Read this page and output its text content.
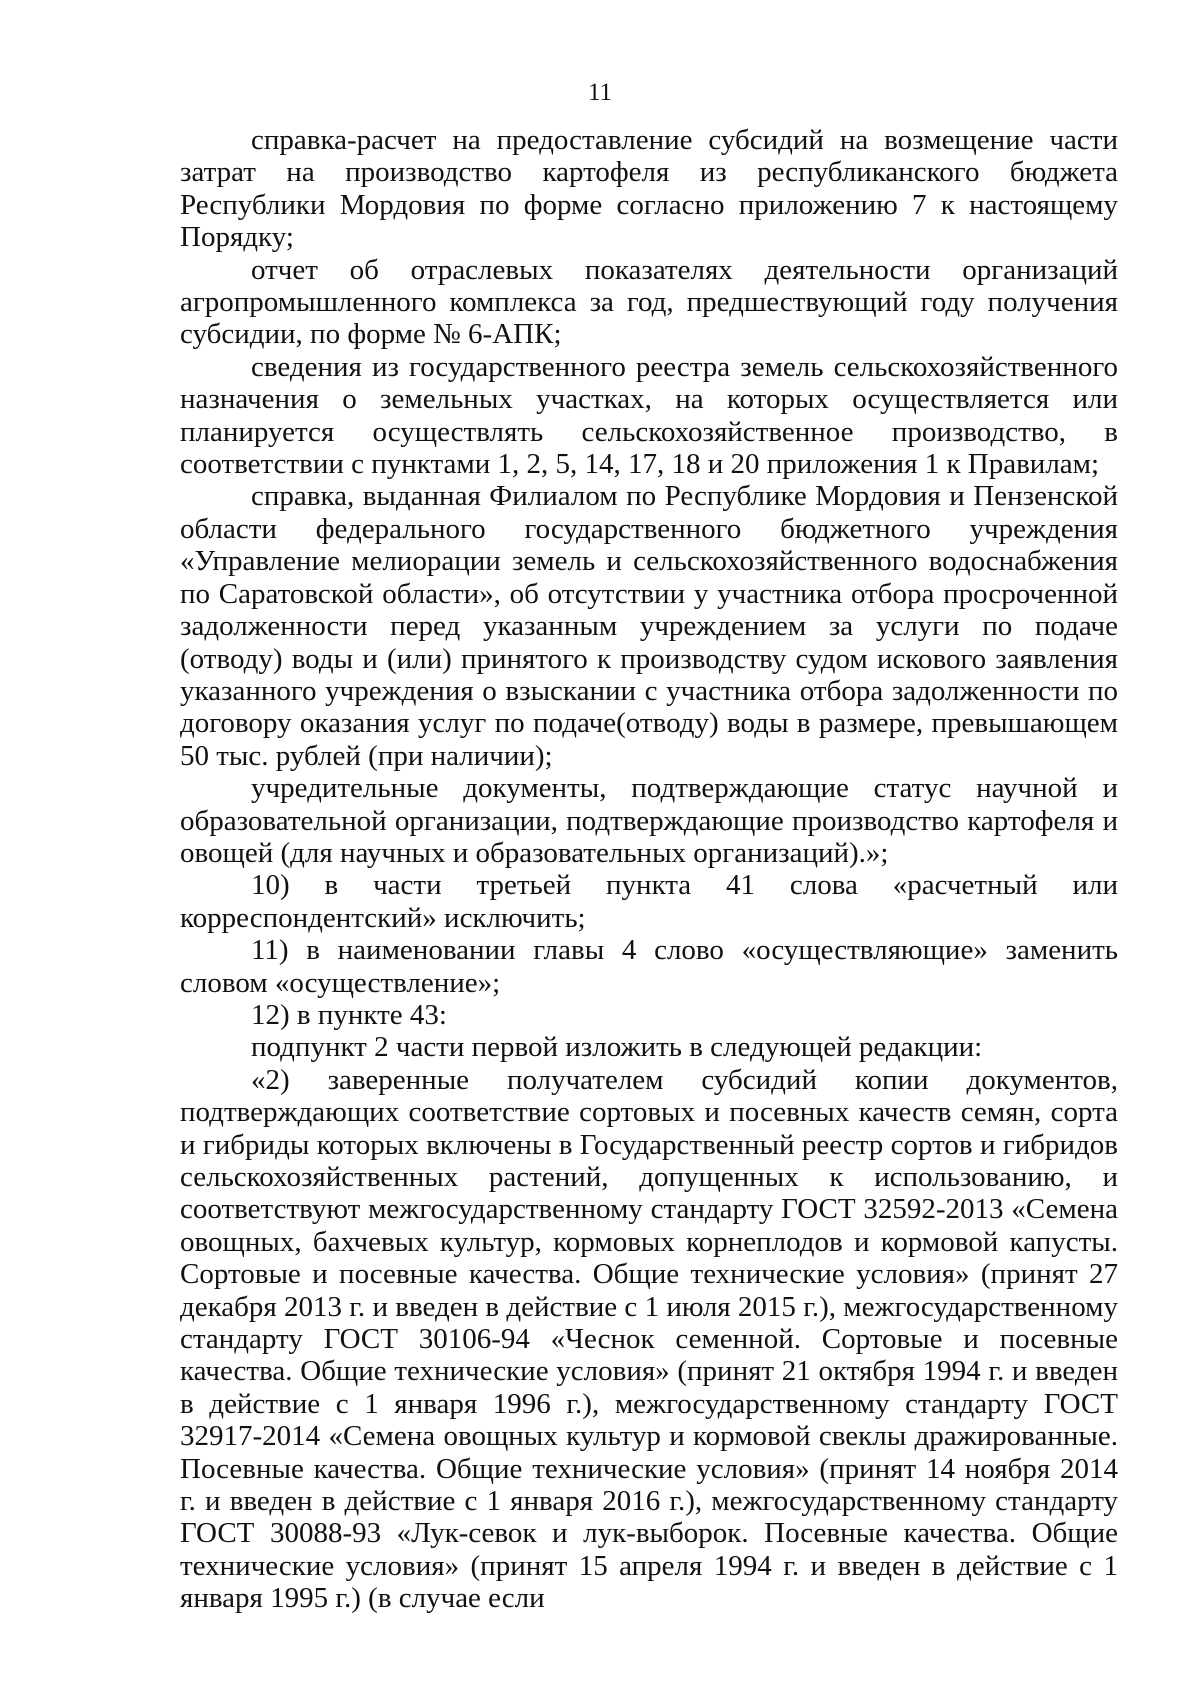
11

справка-расчет на предоставление субсидий на возмещение части затрат на производство картофеля из республиканского бюджета Республики Мордовия по форме согласно приложению 7 к настоящему Порядку;

отчет об отраслевых показателях деятельности организаций агропромышленного комплекса за год, предшествующий году получения субсидии, по форме № 6-АПК;

сведения из государственного реестра земель сельскохозяйственного назначения о земельных участках, на которых осуществляется или планируется осуществлять сельскохозяйственное производство, в соответствии с пунктами 1, 2, 5, 14, 17, 18 и 20 приложения 1 к Правилам;

справка, выданная Филиалом по Республике Мордовия и Пензенской области федерального государственного бюджетного учреждения «Управление мелиорации земель и сельскохозяйственного водоснабжения по Саратовской области», об отсутствии у участника отбора просроченной задолженности перед указанным учреждением за услуги по подаче (отводу) воды и (или) принятого к производству судом искового заявления указанного учреждения о взыскании с участника отбора задолженности по договору оказания услуг по подаче(отводу) воды в размере, превышающем 50 тыс. рублей (при наличии);

учредительные документы, подтверждающие статус научной и образовательной организации, подтверждающие производство картофеля и овощей (для научных и образовательных организаций).»;

10) в части третьей пункта 41 слова «расчетный или корреспондентский» исключить;

11) в наименовании главы 4 слово «осуществляющие» заменить словом «осуществление»;

12) в пункте 43:

подпункт 2 части первой изложить в следующей редакции:

«2) заверенные получателем субсидий копии документов, подтверждающих соответствие сортовых и посевных качеств семян, сорта и гибриды которых включены в Государственный реестр сортов и гибридов сельскохозяйственных растений, допущенных к использованию, и соответствуют межгосударственному стандарту ГОСТ 32592-2013 «Семена овощных, бахчевых культур, кормовых корнеплодов и кормовой капусты. Сортовые и посевные качества. Общие технические условия» (принят 27 декабря 2013 г. и введен в действие с 1 июля 2015 г.), межгосударственному стандарту ГОСТ 30106-94 «Чеснок семенной. Сортовые и посевные качества. Общие технические условия» (принят 21 октября 1994 г. и введен в действие с 1 января 1996 г.), межгосударственному стандарту ГОСТ 32917-2014 «Семена овощных культур и кормовой свеклы дражированные. Посевные качества. Общие технические условия» (принят 14 ноября 2014 г. и введен в действие с 1 января 2016 г.), межгосударственному стандарту ГОСТ 30088-93 «Лук-севок и лук-выборок. Посевные качества. Общие технические условия» (принят 15 апреля 1994 г. и введен в действие с 1 января 1995 г.) (в случае если
